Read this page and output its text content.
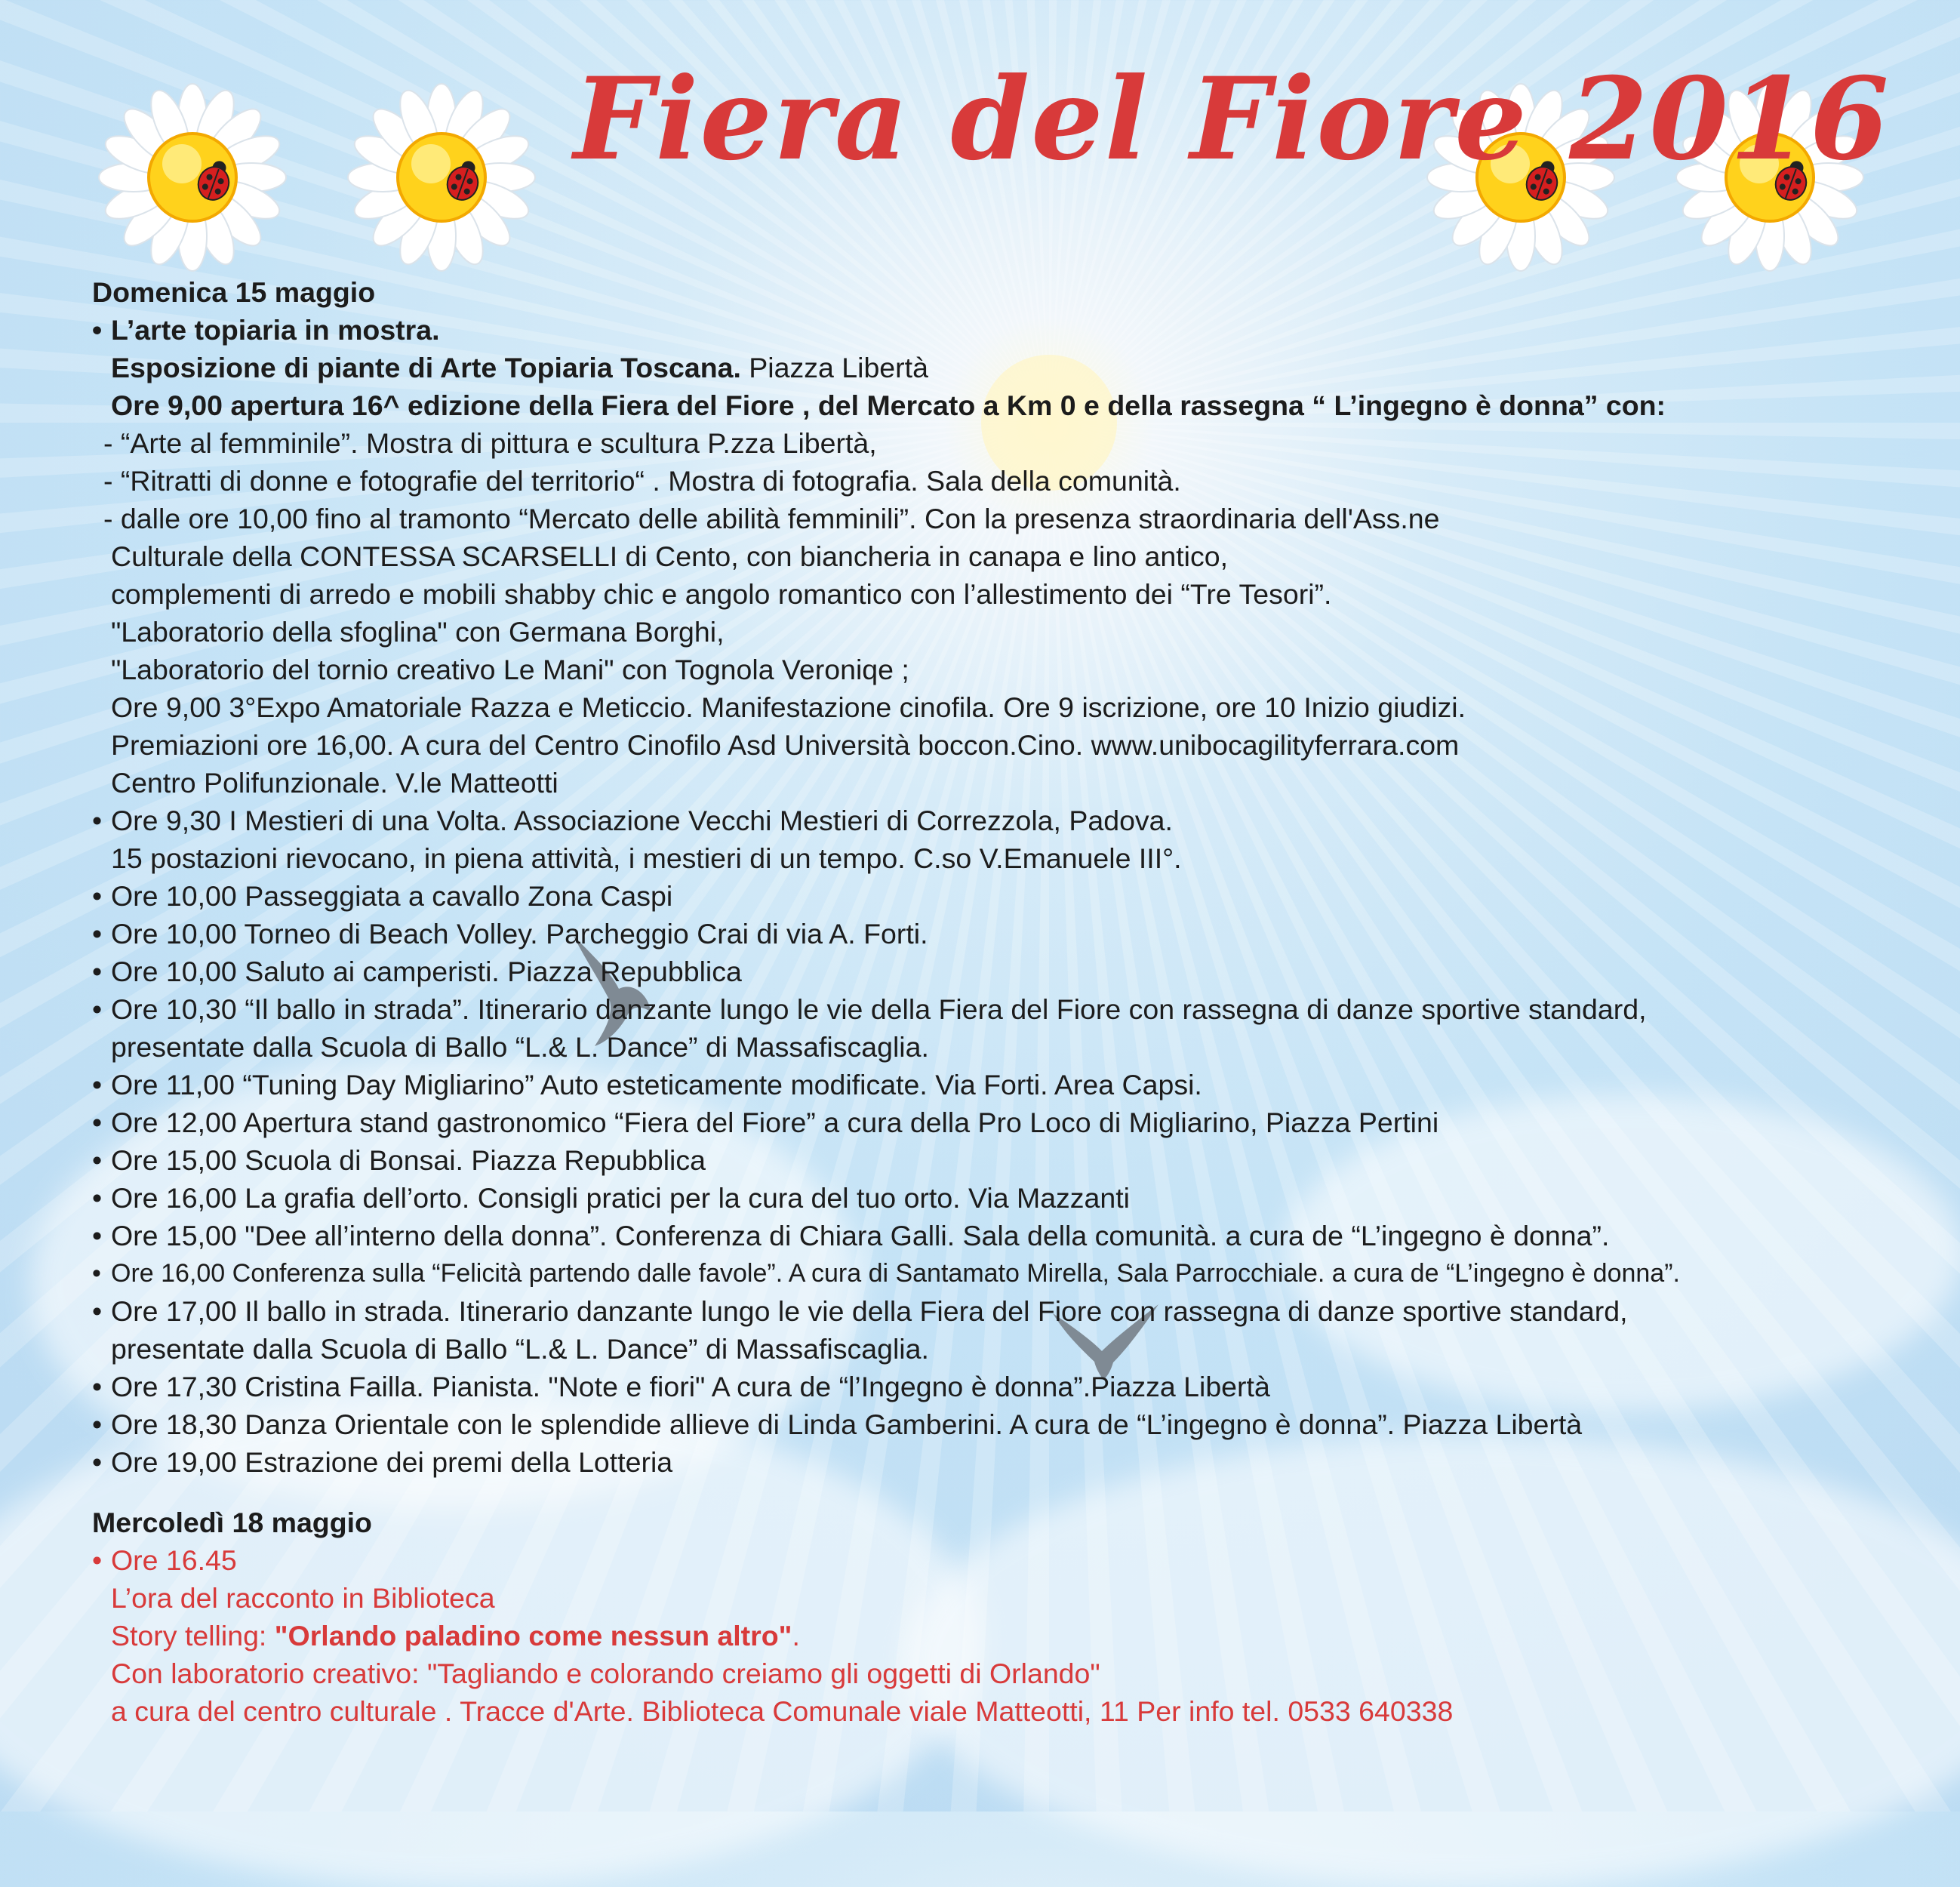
Fiera del Fiore 2016
Domenica 15 maggio
• L’arte topiaria in mostra.
Esposizione di piante di Arte Topiaria Toscana. Piazza Libertà
Ore 9,00 apertura 16^ edizione della Fiera del Fiore , del Mercato a Km 0 e della rassegna “ L’ingegno è donna” con:
- “Arte al femminile”. Mostra di pittura e scultura P.zza Libertà,
- “Ritratti di donne e fotografie del territorio“ . Mostra di fotografia. Sala della comunità.
- dalle ore 10,00 fino al tramonto “Mercato delle abilità femminili”. Con la presenza straordinaria dell'Ass.ne
Culturale della CONTESSA SCARSELLI di Cento, con biancheria in canapa e lino antico,
complementi di arredo e mobili shabby chic e angolo romantico con l’allestimento dei “Tre Tesori”.
"Laboratorio della sfoglina" con Germana Borghi,
"Laboratorio del tornio creativo Le Mani" con Tognola Veroniqe ;
Ore 9,00 3°Expo Amatoriale Razza e Meticcio. Manifestazione cinofila. Ore 9 iscrizione, ore 10 Inizio giudizi.
Premiazioni ore 16,00. A cura del Centro Cinofilo Asd Università boccon.Cino. www.unibocagilityferrara.com
Centro Polifunzionale. V.le Matteotti
• Ore 9,30 I Mestieri di una Volta. Associazione Vecchi Mestieri di Correzzola, Padova.
15 postazioni rievocano, in piena attività, i mestieri di un tempo. C.so V.Emanuele III°.
• Ore 10,00 Passeggiata a cavallo Zona Caspi
• Ore 10,00 Torneo di Beach Volley. Parcheggio Crai di via A. Forti.
• Ore 10,00 Saluto ai camperisti. Piazza Repubblica
• Ore 10,30 “Il ballo in strada”. Itinerario danzante lungo le vie della Fiera del Fiore con rassegna di danze sportive standard,
presentate dalla Scuola di Ballo “L.& L. Dance” di Massafiscaglia.
• Ore 11,00 “Tuning Day Migliarino” Auto esteticamente modificate. Via Forti. Area Capsi.
• Ore 12,00 Apertura stand gastronomico “Fiera del Fiore” a cura della Pro Loco di Migliarino, Piazza Pertini
• Ore 15,00 Scuola di Bonsai. Piazza Repubblica
• Ore 16,00 La grafia dell’orto. Consigli pratici per la cura del tuo orto. Via Mazzanti
• Ore 15,00 "Dee all’interno della donna”. Conferenza di Chiara Galli. Sala della comunità. a cura de “L’ingegno è donna”.
• Ore 16,00 Conferenza sulla “Felicità partendo dalle favole”. A cura di Santamato Mirella, Sala Parrocchiale. a cura de “L’ingegno è donna”.
• Ore 17,00 Il ballo in strada. Itinerario danzante lungo le vie della Fiera del Fiore con rassegna di danze sportive standard,
presentate dalla Scuola di Ballo “L.& L. Dance” di Massafiscaglia.
• Ore 17,30 Cristina Failla. Pianista. "Note e fiori" A cura de “l’Ingegno è donna”.Piazza Libertà
• Ore 18,30 Danza Orientale con le splendide allieve di Linda Gamberini. A cura de “L’ingegno è donna”. Piazza Libertà
• Ore 19,00 Estrazione dei premi della Lotteria
Mercoledì 18 maggio
• Ore 16.45
L’ora del racconto in Biblioteca
Story telling: "Orlando paladino come nessun altro".
Con laboratorio creativo: "Tagliando e colorando creiamo gli oggetti di Orlando"
a cura del centro culturale . Tracce d'Arte. Biblioteca Comunale viale Matteotti, 11 Per info tel. 0533 640338
